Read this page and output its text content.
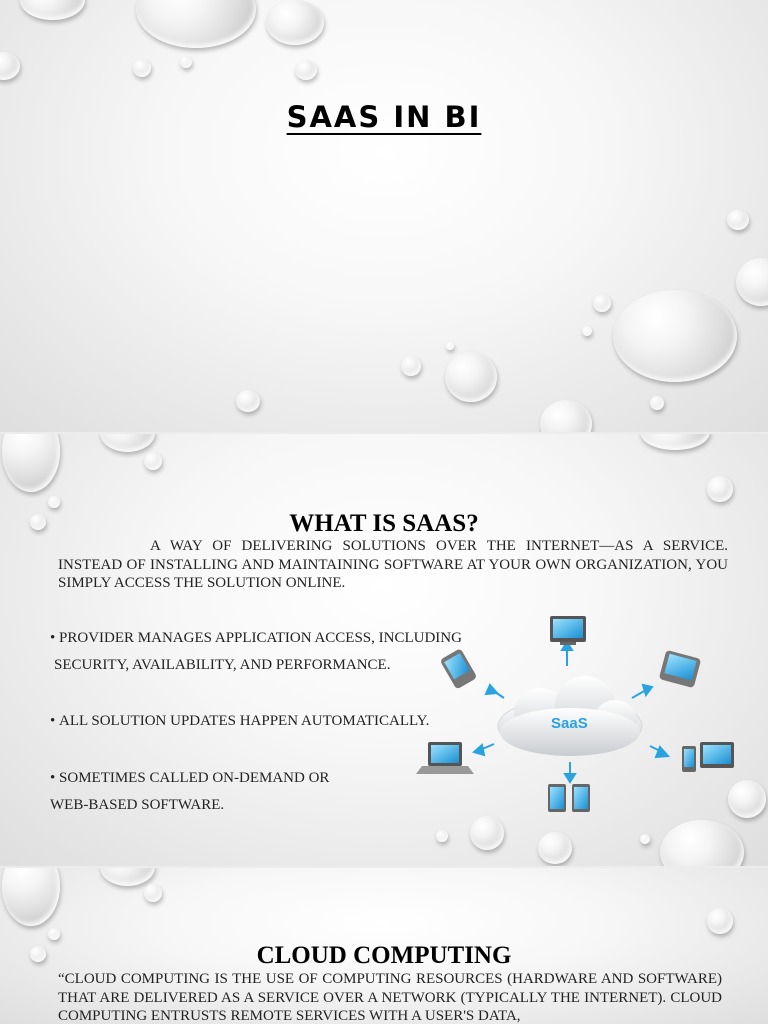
SAAS IN BI
WHAT IS SAAS?
A WAY OF DELIVERING SOLUTIONS OVER THE INTERNET—AS A SERVICE. INSTEAD OF INSTALLING AND MAINTAINING SOFTWARE AT YOUR OWN ORGANIZATION, YOU SIMPLY ACCESS THE SOLUTION ONLINE.
• PROVIDER MANAGES APPLICATION ACCESS, INCLUDING
SECURITY, AVAILABILITY, AND PERFORMANCE.
• ALL SOLUTION UPDATES HAPPEN AUTOMATICALLY.
• SOMETIMES CALLED ON-DEMAND OR
WEB-BASED SOFTWARE.
SaaS
CLOUD COMPUTING
“CLOUD COMPUTING IS THE USE OF COMPUTING RESOURCES (HARDWARE AND SOFTWARE) THAT ARE DELIVERED AS A SERVICE OVER A NETWORK (TYPICALLY THE INTERNET). CLOUD COMPUTING ENTRUSTS REMOTE SERVICES WITH A USER'S DATA,
